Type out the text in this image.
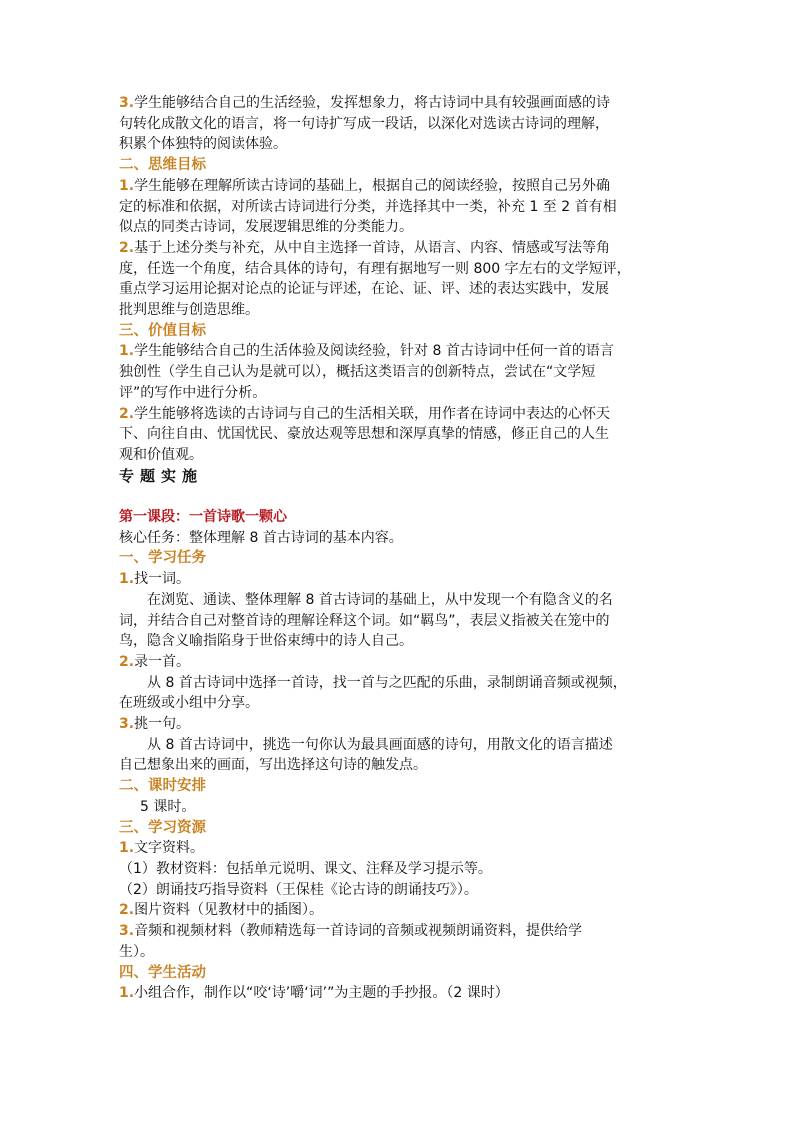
3.学生能够结合自己的生活经验，发挥想象力，将古诗词中具有较强画面感的诗
句转化成散文化的语言，将一句诗扩写成一段话，以深化对选读古诗词的理解，
积累个体独特的阅读体验。
二、思维目标
1.学生能够在理解所读古诗词的基础上，根据自己的阅读经验，按照自己另外确
定的标准和依据，对所读古诗词进行分类，并选择其中一类，补充 1 至 2 首有相
似点的同类古诗词，发展逻辑思维的分类能力。
2.基于上述分类与补充，从中自主选择一首诗，从语言、内容、情感或写法等角
度，任选一个角度，结合具体的诗句，有理有据地写一则 800 字左右的文学短评，
重点学习运用论据对论点的论证与评述，在论、证、评、述的表达实践中，发展
批判思维与创造思维。
三、价值目标
1.学生能够结合自己的生活体验及阅读经验，针对 8 首古诗词中任何一首的语言
独创性（学生自己认为是就可以），概括这类语言的创新特点，尝试在“文学短
评”的写作中进行分析。
2.学生能够将选读的古诗词与自己的生活相关联，用作者在诗词中表达的心怀天
下、向往自由、忧国忧民、豪放达观等思想和深厚真挚的情感，修正自己的人生
观和价值观。
专题实施
第一课段：一首诗歌一颗心
核心任务：整体理解 8 首古诗词的基本内容。
一、学习任务
1.找一词。
在浏览、通读、整体理解 8 首古诗词的基础上，从中发现一个有隐含义的名
词，并结合自己对整首诗的理解诠释这个词。如“羁鸟”，表层义指被关在笼中的
鸟，隐含义喻指陷身于世俗束缚中的诗人自己。
2.录一首。
从 8 首古诗词中选择一首诗，找一首与之匹配的乐曲，录制朗诵音频或视频，
在班级或小组中分享。
3.挑一句。
从 8 首古诗词中，挑选一句你认为最具画面感的诗句，用散文化的语言描述
自己想象出来的画面，写出选择这句诗的触发点。
二、课时安排
5 课时。
三、学习资源
1.文字资料。
（1）教材资料：包括单元说明、课文、注释及学习提示等。
（2）朗诵技巧指导资料（王保桂《论古诗的朗诵技巧》）。
2.图片资料（见教材中的插图）。
3.音频和视频材料（教师精选每一首诗词的音频或视频朗诵资料，提供给学
生）。
四、学生活动
1.小组合作，制作以“咬‘诗’嚼‘词’”为主题的手抄报。（2 课时）
